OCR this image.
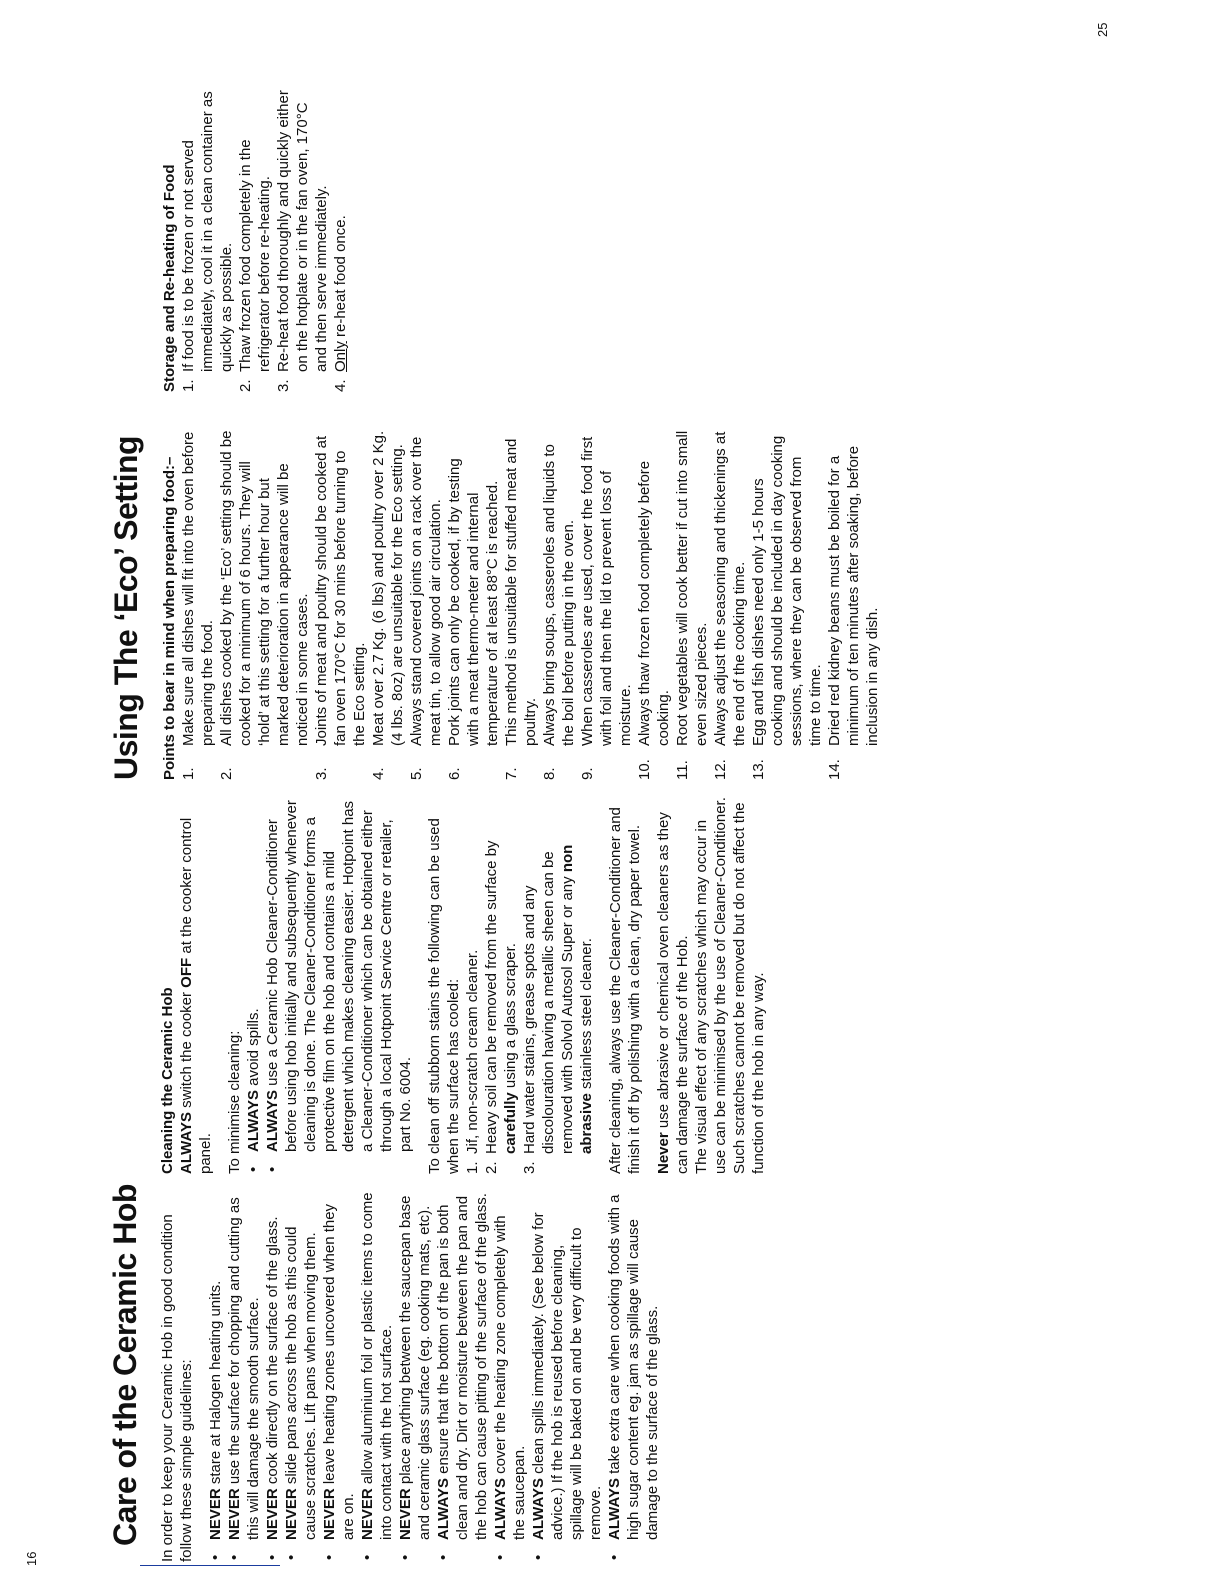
16
Care of the Ceramic Hob In order to keep your Ceramic Hob in good condition follow these simple guidelines: • NEVER stare at Halogen heating units.
• NEVER use the surface for chopping and cutting as this will damage the smooth surface. • NEVER cook directly on the surface of the glass.
• NEVER slide pans across the hob as this could cause scratches. Lift pans when moving them. • NEVER leave heating zones uncovered when they are on. • NEVER allow aluminium foil or plastic items to come into contact with the hot surface. • NEVER place anything between the saucepan base and ceramic glass surface (eg. cooking mats, etc). • ALWAYS ensure that the bottom of the pan is both clean and dry. Dirt or moisture between the pan and the hob can cause pitting of the surface of the glass. • ALWAYS cover the heating zone completely with the saucepan. • ALWAYS clean spills immediately. (See below for advice.) If the hob is reused before cleaning, spillage will be baked on and be very difficult to remove. • ALWAYS take extra care when cooking foods with a high sugar content eg. jam as spillage will cause damage to the surface of the glass.
Cleaning the Ceramic Hob ALWAYS switch the cooker OFF at the cooker control panel. To minimise cleaning: • ALWAYS avoid spills.
• ALWAYS use a Ceramic Hob Cleaner-Conditioner before using hob initially and subsequently whenever cleaning is done. The Cleaner-Conditioner forms a protective film on the hob and contains a mild detergent which makes cleaning easier. Hotpoint has a Cleaner-Conditioner which can be obtained either through a local Hotpoint Service Centre or retailer, part No. 6004. To clean off stubborn stains the following can be used when the surface has cooled: 1.
Jif, non-scratch cream cleaner.
2.
Heavy soil can be removed from the surface by carefully using a glass scraper.
3.
Hard water stains, grease spots and any discolouration having a metallic sheen can be removed with Solvol Autosol Super or any non abrasive stainless steel cleaner. After cleaning, always use the Cleaner-Conditioner and finish it off by polishing with a clean, dry paper towel. Never use abrasive or chemical oven cleaners as they can damage the surface of the Hob. The visual effect of any scratches which may occur in use can be minimised by the use of Cleaner-Conditioner. Such scratches cannot be removed but do not affect the function of the hob in any way.

25
Using The ‘Eco’ Setting Points to bear in mind when preparing food:– 1.
Make sure all dishes will fit into the oven before preparing the food.
2.
All dishes cooked by the ‘Eco’ setting should be cooked for a minimum of 6 hours. They will ‘hold’ at this setting for a further hour but marked deterioration in appearance will be noticed in some cases.
3.
Joints of meat and poultry should be cooked at fan oven 170°C for 30 mins before turning to the Eco setting.
4.
Meat over 2.7 Kg. (6 lbs) and poultry over 2 Kg. (4 lbs. 8oz) are unsuitable for the Eco setting.
5.
Always stand covered joints on a rack over the meat tin, to allow good air circulation.
6.
Pork joints can only be cooked, if by testing with a meat thermo-meter and internal temperature of at least 88°C is reached.
7.
This method is unsuitable for stuffed meat and poultry.
8.
Always bring soups, casseroles and liquids to the boil before putting in the oven.
9.
When casseroles are used, cover the food first with foil and then the lid to prevent loss of moisture.
10.
Always thaw frozen food completely before cooking.
11.
Root vegetables will cook better if cut into small even sized pieces.
12.
Always adjust the seasoning and thickenings at the end of the cooking time.
13.
Egg and fish dishes need only 1-5 hours cooking and should be included in day cooking sessions, where they can be observed from time to time.
14.
Dried red kidney beans must be boiled for a minimum of ten minutes after soaking, before inclusion in any dish.
Storage and Re-heating of Food 1.
If food is to be frozen or not served immediately, cool it in a clean container as quickly as possible.
2.
Thaw frozen food completely in the refrigerator before re-heating.
3.
Re-heat food thoroughly and quickly either on the hotplate or in the fan oven, 170°C and then serve immediately.
4.
Only re-heat food once.
